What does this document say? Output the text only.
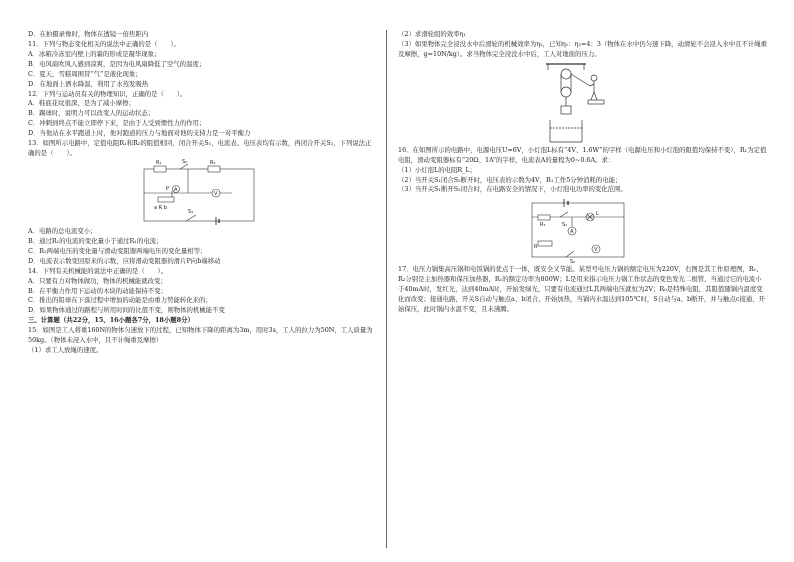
D．在拍摄录像时，物体在透镜一倍焦距内
11．下列与物态变化相关的说法中正确的是（　　）。
A．冰箱冷冻室内壁上的霜的形成是凝华现象；
B．电风扇吹风人感到凉爽，是因为电风扇降低了空气的温度；
C．夏天，雪糕周围冒“气”是液化现象；
D．在地面上洒水降温，利用了水蒸发吸热
12．下列与运动员有关的物理知识，正确的是（　　）。
A．鞋底花纹很深，是为了减小摩擦；
B．踢球时，说明力可以改变人的运动状态；
C．冲刺到终点不能立即停下来，是由于人受到惯性力的作用；
D．当他站在水平跑道上时，他对跑道的压力与地面对他的支持力是一对平衡力
13．如图所示电路中，定值电阻R₁和R₂的阻值相同，闭合开关S₁，电流表、电压表均有示数，再闭合开关S₂，下列说法正确的是（　　）。
R₁	S₂	R₂
A
P
V
a R b
S₁
A．电路的总电流变小；
B．通过R₁的电流的变化量小于通过R₁的电流；
C．R₂两端电压的变化量与滑动变阻器两端电压的变化量相等；
D．电流表示数变回原来的示数，应将滑动变阻器的滑片P向b端移动
14．下列有关机械能的说法中正确的是（　　）。
A．只要有力对物体做功，物体的机械能就改变；
B．在平衡力作用下运动的木块的动能保持不变；
C．推出的铅球在下落过程中增加的动能是由重力势能转化来的；
D．如果物体通过的路程与所用时间的比值不变，则物体的机械能不变
三、计算题（共22分，15、16小题各7分，18小题8分）
15．如图是工人将重160N的物体匀速放下的过程，已知物体下降的距离为3m，用时3s，工人的拉力为50N，工人质量为50kg。（物体未浸入水中，且不计绳重及摩擦）
（1）求工人放绳的速度。
（2）求滑轮组的效率η₁
（3）如果物体完全浸没水中后滑轮的机械效率为η₂，已知η₁：η₂=4：3（物体在水中仍匀速下降，动滑轮不会浸入水中且不计绳重及摩擦，g=10N/kg）。求当物体完全浸没水中后，工人对地面的压力。
16．在如图所示的电路中，电源电压U=6V，小灯泡L标有“4V、1.6W”的字样（电源电压和小灯泡的阻值均保持不变），R₁为定值电阻，滑动变阻器标有“20Ω、1A”的字样，电流表A的量程为0~0.6A。求：
（1）小灯泡L的电阻R_L；
（2）当开关S₁闭合S₂断开时，电压表的示数为4V，R₁工作5分钟消耗的电能；
（3）当开关S₁断开S₂闭合时，在电路安全的情况下，小灯泡电功率的变化范围。
R₁	S₁
L
A
R
S₂
V
17．电压力锅集高压锅和电饭锅的优点于一体，既安全又节能。某型号电压力锅的额定电压为220V，右图是其工作原理图，R₁、R₂分别是主加热器和保压加热器，R₁的额定功率为800W；L是用来指示电压力锅工作状态的变色发光二极管，当通过它的电流小于40mA时，发红光，达到40mA时，开始发绿光，只要有电流通过L其两端电压就恒为2V；R₀是特殊电阻，其阻值随锅内温度变化而改变；接通电路，开关S自动与触点a、b闭合，开始加热，当锅内水温达到105℃时，S自动与a、b断开，并与触点c接通，开始保压，此时锅内水温不变，且未沸腾。
